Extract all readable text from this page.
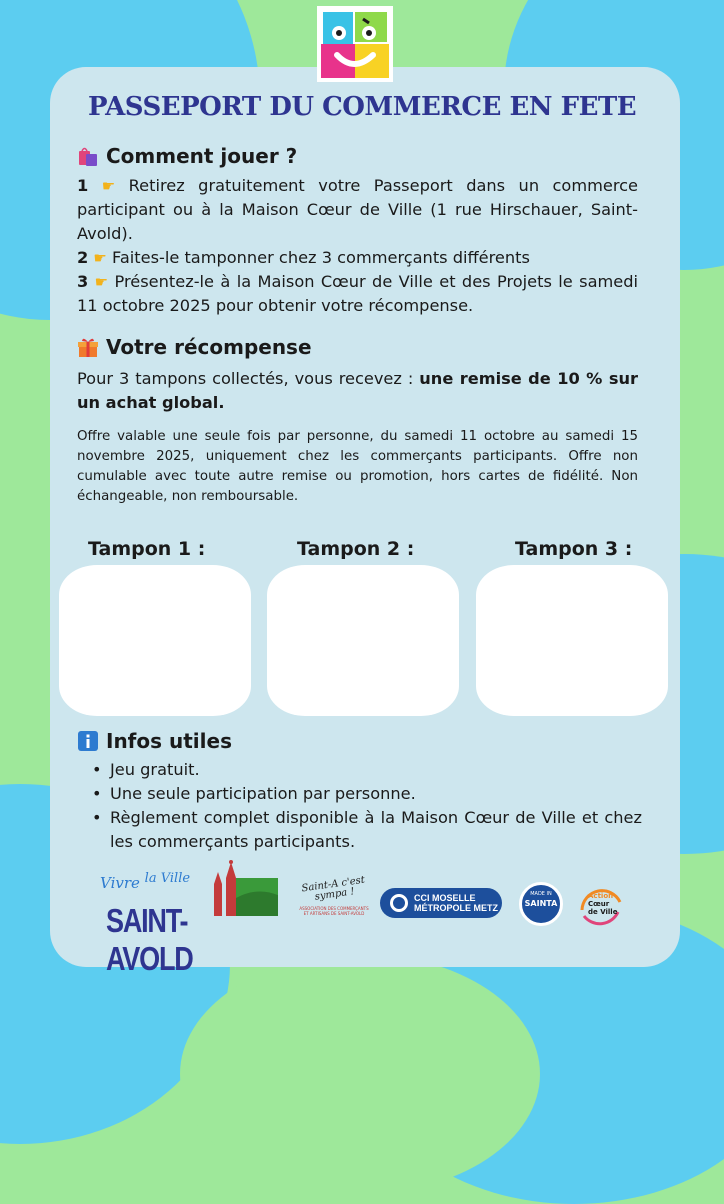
PASSEPORT DU COMMERCE EN FETE
Comment jouer ?
1 ☛ Retirez gratuitement votre Passeport dans un commerce participant ou à la Maison Cœur de Ville (1 rue Hirschauer, Saint-Avold).
2 ☛ Faites-le tamponner chez 3 commerçants différents
3 ☛ Présentez-le à la Maison Cœur de Ville et des Projets le samedi 11 octobre 2025 pour obtenir votre récompense.
Votre récompense

Pour 3 tampons collectés, vous recevez : une remise de 10 % sur un achat global.

Offre valable une seule fois par personne, du samedi 11 octobre au samedi 15 novembre 2025, uniquement chez les commerçants participants. Offre non cumulable avec toute autre remise ou promotion, hors cartes de fidélité. Non échangeable, non remboursable.

Tampon 1 :	Tampon 2 :	Tampon 3 :
Infos utiles
• Jeu gratuit.
• Une seule participation par personne.
• Règlement complet disponible à la Maison Cœur de Ville et chez les commerçants participants.
Vivre la Ville
SAINT-AVOLD
Saint-A c'est sympa !
ASSOCIATION DES COMMERÇANTS ET ARTISANS DE SAINT-AVOLD
CCI MOSELLE
MÉTROPOLE METZ
MADE IN
SAINTA
Action
Cœur
de Ville
